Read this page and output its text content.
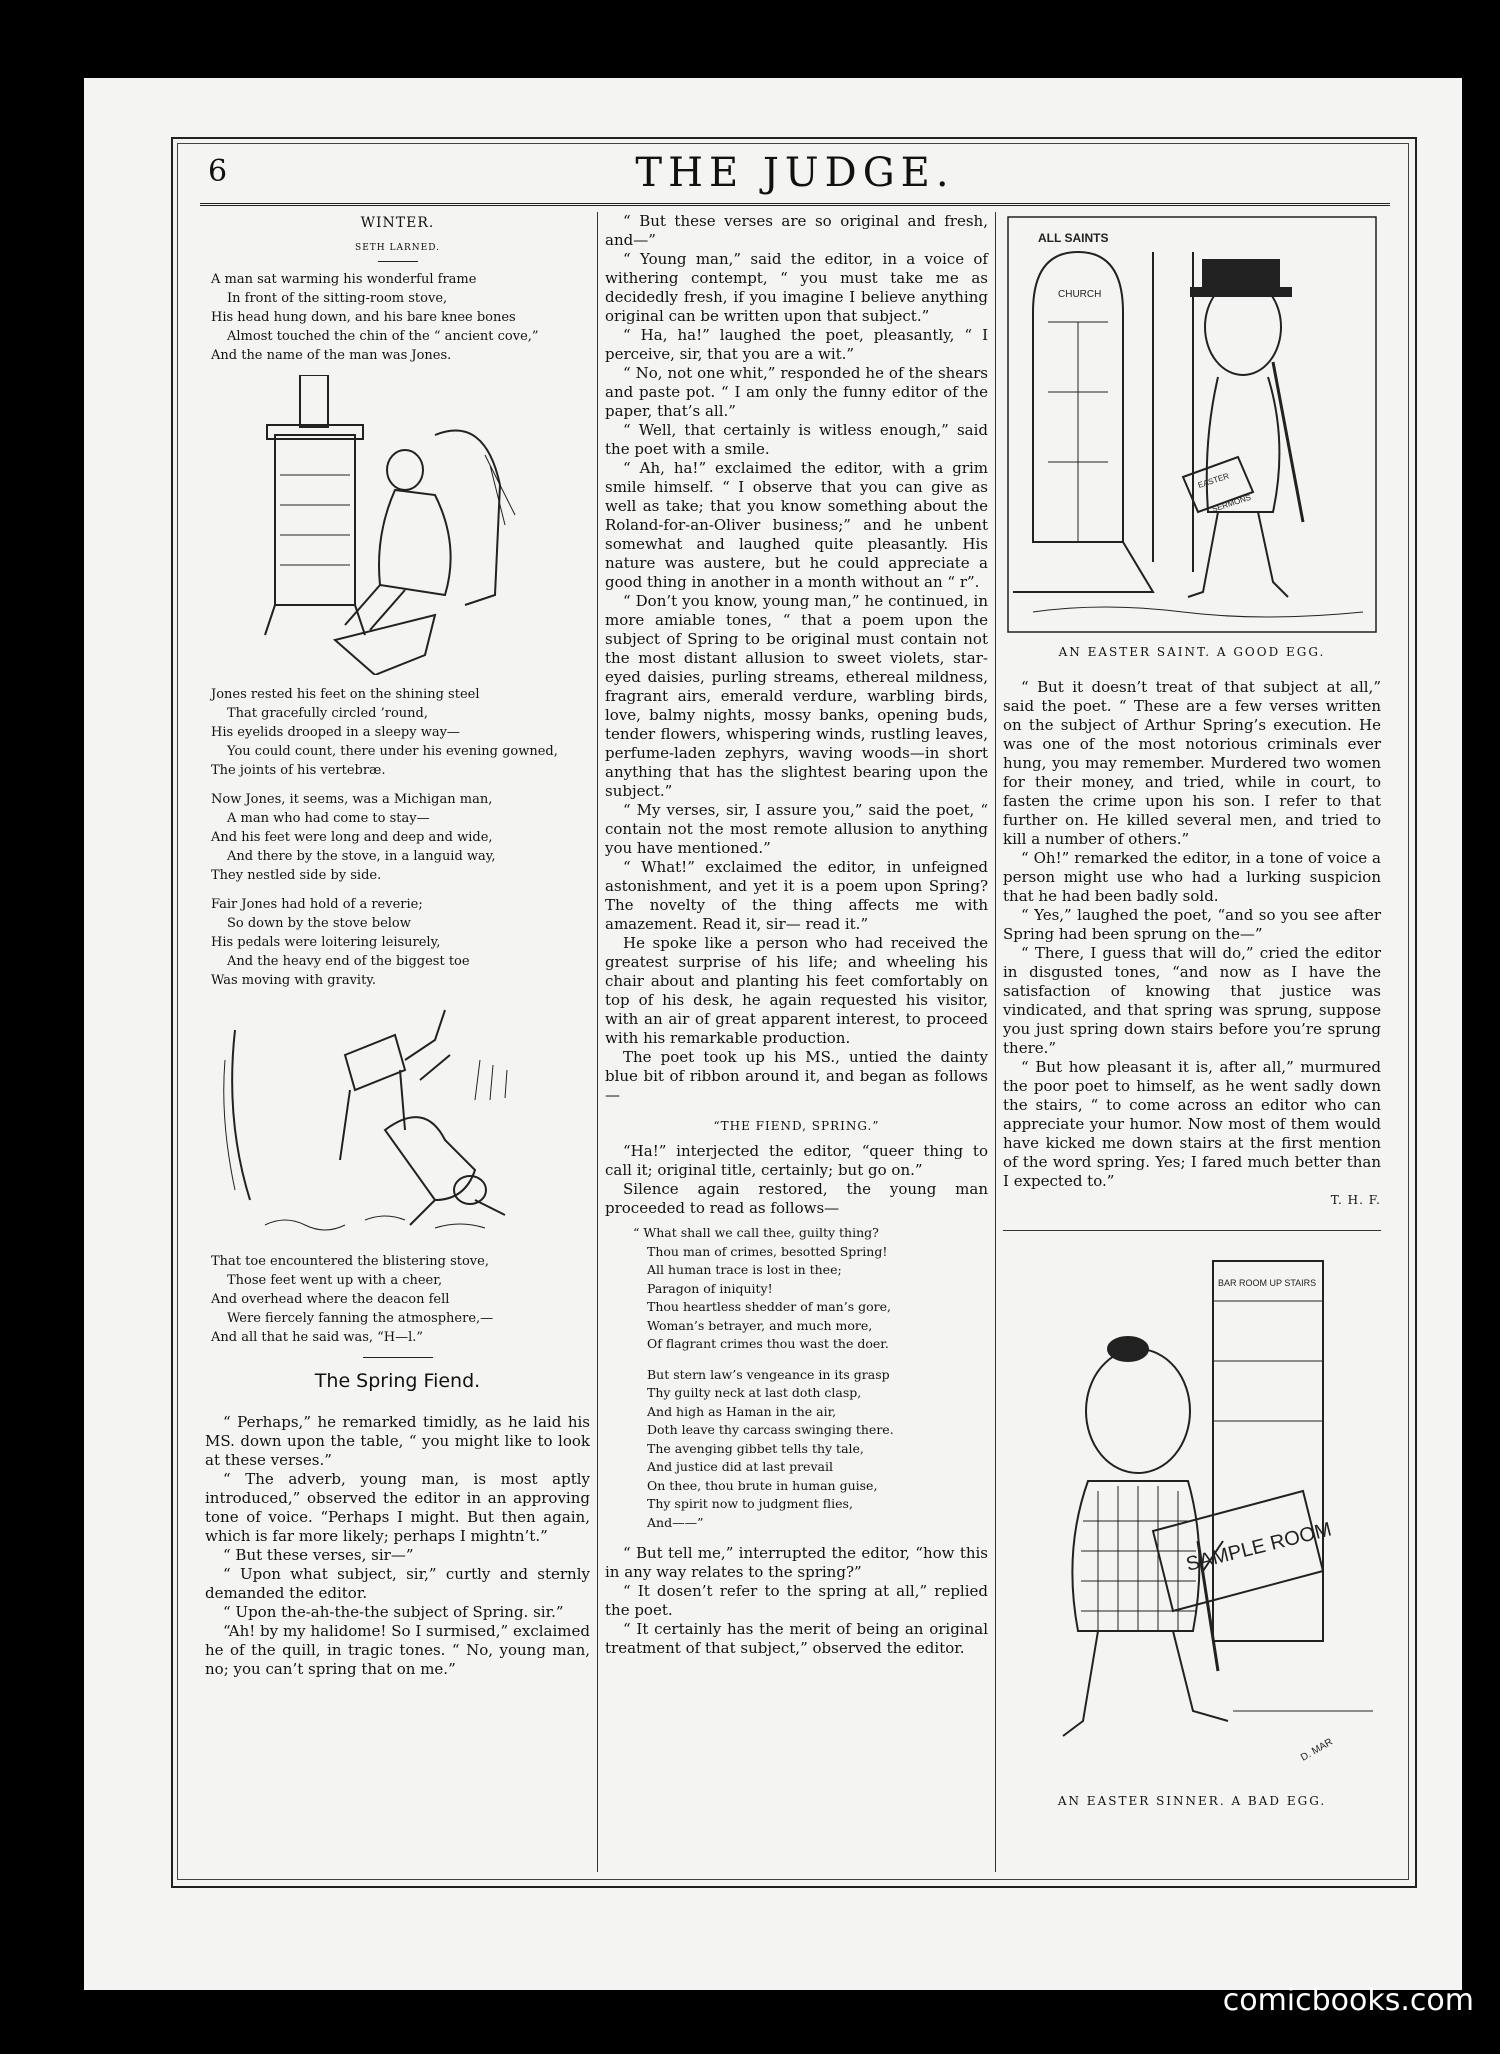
6	THE JUDGE.
WINTER.
SETH LARNED.
A man sat warming his wonderful frame
In front of the sitting-room stove,
His head hung down, and his bare knee bones
Almost touched the chin of the “ ancient cove,”
And the name of the man was Jones.
Jones rested his feet on the shining steel
That gracefully circled ’round,
His eyelids drooped in a sleepy way—
You could count, there under his evening gowned,
The joints of his vertebræ.
Now Jones, it seems, was a Michigan man,
A man who had come to stay—
And his feet were long and deep and wide,
And there by the stove, in a languid way,
They nestled side by side.
Fair Jones had hold of a reverie;
So down by the stove below
His pedals were loitering leisurely,
And the heavy end of the biggest toe
Was moving with gravity.
That toe encountered the blistering stove,
Those feet went up with a cheer,
And overhead where the deacon fell
Were fiercely fanning the atmosphere,—
And all that he said was, “H—l.”
The Spring Fiend.

“ Perhaps,” he remarked timidly, as he laid his MS. down upon the table, “ you might like to look at these verses.”

“ The adverb, young man, is most aptly introduced,” observed the editor in an approving tone of voice. “Perhaps I might. But then again, which is far more likely; perhaps I mightn’t.”

“ But these verses, sir—”

“ Upon what subject, sir,” curtly and sternly demanded the editor.

“ Upon the-ah-the-the subject of Spring. sir.”

“Ah! by my halidome! So I surmised,” exclaimed he of the quill, in tragic tones. “ No, young man, no; you can’t spring that on me.”

“ But these verses are so original and fresh, and—”

“ Young man,” said the editor, in a voice of withering contempt, “ you must take me as decidedly fresh, if you imagine I believe anything original can be written upon that subject.”

“ Ha, ha!” laughed the poet, pleasantly, “ I perceive, sir, that you are a wit.”

“ No, not one whit,” responded he of the shears and paste pot. “ I am only the funny editor of the paper, that’s all.”

“ Well, that certainly is witless enough,” said the poet with a smile.

“ Ah, ha!” exclaimed the editor, with a grim smile himself. “ I observe that you can give as well as take; that you know something about the Roland-for-an-Oliver business;” and he unbent somewhat and laughed quite pleasantly. His nature was austere, but he could appreciate a good thing in another in a month without an “ r”.

“ Don’t you know, young man,” he continued, in more amiable tones, “ that a poem upon the subject of Spring to be original must contain not the most distant allusion to sweet violets, star-eyed daisies, purling streams, ethereal mildness, fragrant airs, emerald verdure, warbling birds, love, balmy nights, mossy banks, opening buds, tender flowers, whispering winds, rustling leaves, perfume-laden zephyrs, waving woods—in short anything that has the slightest bearing upon the subject.”

“ My verses, sir, I assure you,” said the poet, “ contain not the most remote allusion to anything you have mentioned.”

“ What!” exclaimed the editor, in unfeigned astonishment, and yet it is a poem upon Spring? The novelty of the thing affects me with amazement. Read it, sir— read it.”

He spoke like a person who had received the greatest surprise of his life; and wheeling his chair about and planting his feet comfortably on top of his desk, he again requested his visitor, with an air of great apparent interest, to proceed with his remarkable production.

The poet took up his MS., untied the dainty blue bit of ribbon around it, and began as follows—

“THE FIEND, SPRING.”

“Ha!” interjected the editor, “queer thing to call it; original title, certainly; but go on.”

Silence again restored, the young man proceeded to read as follows—

“ What shall we call thee, guilty thing?
Thou man of crimes, besotted Spring!
All human trace is lost in thee;
Paragon of iniquity!
Thou heartless shedder of man’s gore,
Woman’s betrayer, and much more,
Of flagrant crimes thou wast the doer.
But stern law’s vengeance in its grasp
Thy guilty neck at last doth clasp,
And high as Haman in the air,
Doth leave thy carcass swinging there.
The avenging gibbet tells thy tale,
And justice did at last prevail
On thee, thou brute in human guise,
Thy spirit now to judgment flies,
And——”

“ But tell me,” interrupted the editor, “how this in any way relates to the spring?”

“ It dosen’t refer to the spring at all,” replied the poet.

“ It certainly has the merit of being an original treatment of that subject,” observed the editor.

ALL SAINTS
CHURCH
EASTER
SERMONS
AN EASTER SAINT. A GOOD EGG.

“ But it doesn’t treat of that subject at all,” said the poet. “ These are a few verses written on the subject of Arthur Spring’s execution. He was one of the most notorious criminals ever hung, you may remember. Murdered two women for their money, and tried, while in court, to fasten the crime upon his son. I refer to that further on. He killed several men, and tried to kill a number of others.”

“ Oh!” remarked the editor, in a tone of voice a person might use who had a lurking suspicion that he had been badly sold.

“ Yes,” laughed the poet, “and so you see after Spring had been sprung on the—”

“ There, I guess that will do,” cried the editor in disgusted tones, “and now as I have the satisfaction of knowing that justice was vindicated, and that spring was sprung, suppose you just spring down stairs before you’re sprung there.”

“ But how pleasant it is, after all,” murmured the poor poet to himself, as he went sadly down the stairs, “ to come across an editor who can appreciate your humor. Now most of them would have kicked me down stairs at the first mention of the word spring. Yes; I fared much better than I expected to.”

T. H. F.
SAMPLE ROOM
BAR ROOM UP STAIRS
D. MAR
AN EASTER SINNER. A BAD EGG.
comicbooks.com
